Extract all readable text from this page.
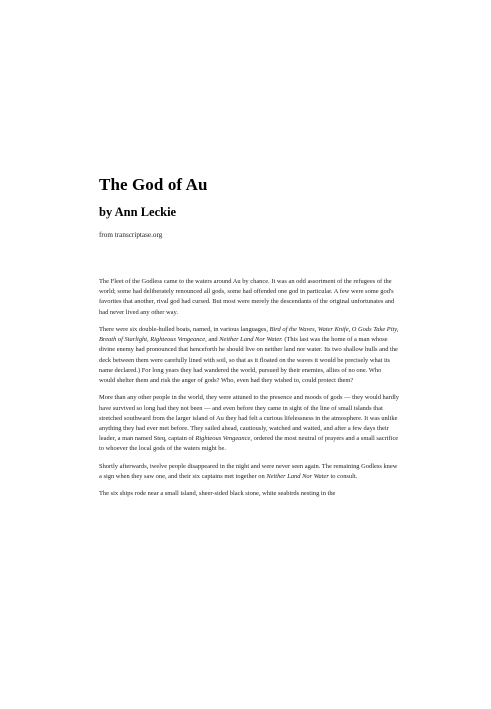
The God of Au
by Ann Leckie

from transcriptase.org

The Fleet of the Godless came to the waters around Au by chance. It was an odd assortment of the refugees of the world; some had deliberately renounced all gods, some had offended one god in particular. A few were some god's favorites that another, rival god had cursed. But most were merely the descendants of the original unfortunates and had never lived any other way.

There were six double-hulled boats, named, in various languages, Bird of the Waves, Water Knife, O Gods Take Pity, Breath of Starlight, Righteous Vengeance, and Neither Land Nor Water. (This last was the home of a man whose divine enemy had pronounced that henceforth he should live on neither land nor water. Its two shallow hulls and the deck between them were carefully lined with soil, so that as it floated on the waves it would be precisely what its name declared.) For long years they had wandered the world, pursued by their enemies, allies of no one. Who would shelter them and risk the anger of gods? Who, even had they wished to, could protect them?

More than any other people in the world, they were attuned to the presence and moods of gods — they would hardly have survived so long had they not been — and even before they came in sight of the line of small islands that stretched southward from the larger island of Au they had felt a curious lifelessness in the atmosphere. It was unlike anything they had ever met before. They sailed ahead, cautiously, watched and waited, and after a few days their leader, a man named Steq, captain of Righteous Vengeance, ordered the most neutral of prayers and a small sacrifice to whoever the local gods of the waters might be.

Shortly afterwards, twelve people disappeared in the night and were never seen again. The remaining Godless knew a sign when they saw one, and their six captains met together on Neither Land Nor Water to consult.

The six ships rode near a small island, sheer-sided black stone, white seabirds nesting in the
